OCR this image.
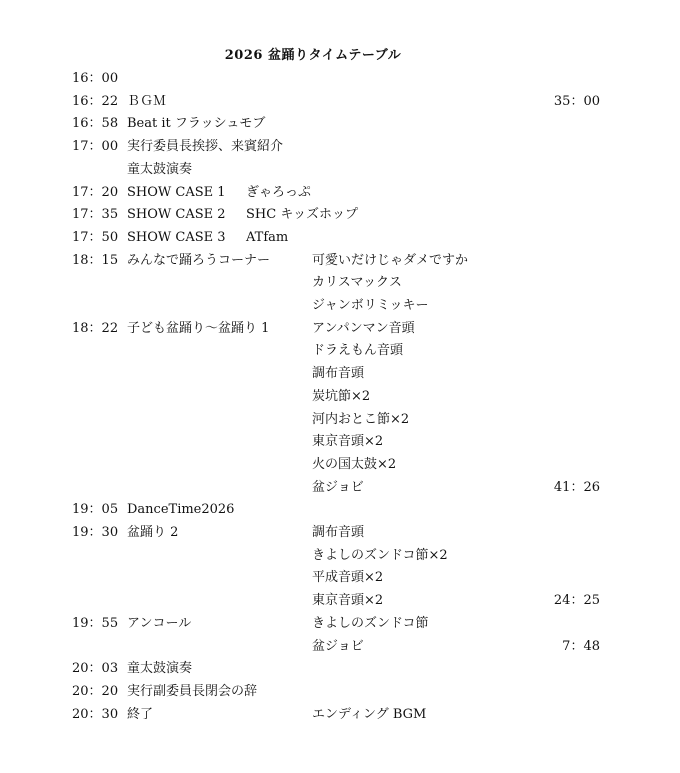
2026 盆踊りタイムテーブル
16：00
16：22 ＢＧＭ	35：00
16：58 Beat it フラッシュモブ
17：00 実行委員長挨拶、来賓紹介
童太鼓演奏
17：20 SHOW CASE 1 ぎゃろっぷ
17：35 SHOW CASE 2 SHC キッズホップ
17：50 SHOW CASE 3 ATfam
18：15 みんなで踊ろうコーナー	可愛いだけじゃダメですか
カリスマックス
ジャンボリミッキー
18：22 子ども盆踊り～盆踊り 1	アンパンマン音頭
ドラえもん音頭
調布音頭
炭坑節×2
河内おとこ節×2
東京音頭×2
火の国太鼓×2
盆ジョビ	41：26
19：05 DanceTime2026
19：30 盆踊り 2	調布音頭
きよしのズンドコ節×2
平成音頭×2
東京音頭×2	24：25
19：55 アンコール	きよしのズンドコ節
盆ジョビ	7：48
20：03 童太鼓演奏
20：20 実行副委員長閉会の辞
20：30 終了	エンディング BGM
